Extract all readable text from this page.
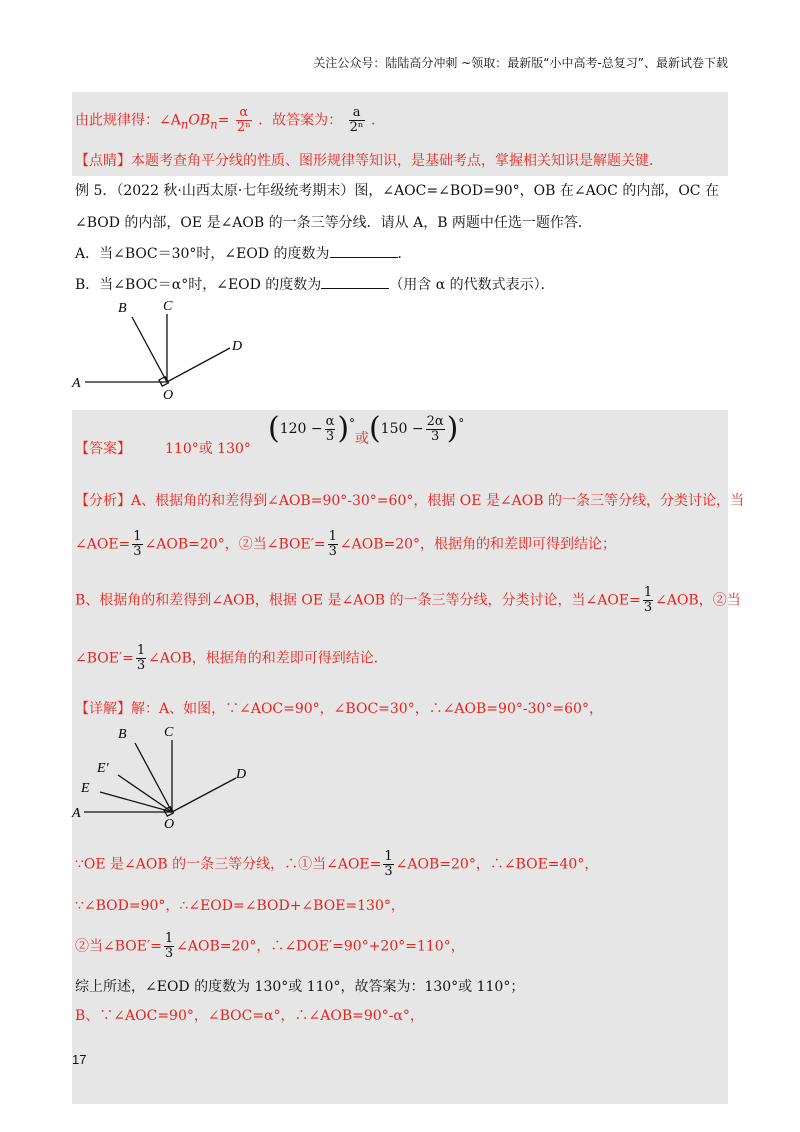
关注公众号：陆陆高分冲刺 ~领取：最新版“小中高考-总复习”、最新试卷下载
由此规律得：$\angle A_nOB_n= \frac{\alpha}{\text{2ⁿ}}$ ．故答案为： $\frac{a}{\text{2ⁿ}}$ .
【点睛】本题考查角平分线的性质、图形规律等知识，是基础考点，掌握相关知识是解题关键．
例 5．（2022 秋·山西太原·七年级统考期末）图，∠AOC=∠BOD=90°，OB 在∠AOC 的内部，OC 在
∠BOD 的内部，OE 是∠AOB 的一条三等分线．请从 A，B 两题中任选一题作答．
A．当∠BOC＝30°时，∠EOD 的度数为	．
B．当∠BOC＝α°时，∠EOD 的度数为	（用含 α 的代数式表示）．
B	C
D
A
O
【答案】 110°或 130°
$(120 - \frac{\alpha}{3} )^\circ$或$(150 - \frac{2\alpha}{3} )^\circ$
【分析】A、根据角的和差得到∠AOB=90°-30°=60°，根据 OE 是∠AOB 的一条三等分线，分类讨论，当
∠AOE= $\frac{1}{3}$ ∠AOB=20°，②当∠BOE′= $\frac{1}{3}$ ∠AOB=20°，根据角的和差即可得到结论；
B、根据角的和差得到∠AOB，根据 OE 是∠AOB 的一条三等分线，分类讨论，当∠AOE= $\frac{1}{3}$ ∠AOB，②当
∠BOE′= $\frac{1}{3}$ ∠AOB，根据角的和差即可得到结论．
【详解】解：A、如图，∵∠AOC=90°，∠BOC=30°，∴∠AOB=90°-30°=60°，
B	C
E′
E
D
A
O
∵OE 是∠AOB 的一条三等分线，∴①当∠AOE= $\frac{1}{3}$ ∠AOB=20°，∴∠BOE=40°，
∵∠BOD=90°，∴∠EOD=∠BOD+∠BOE=130°，
②当∠BOE′= $\frac{1}{3}$ ∠AOB=20°，∴∠DOE′=90°+20°=110°，
综上所述，∠EOD 的度数为 130°或 110°，故答案为：130°或 110°；
B、∵∠AOC=90°，∠BOC=α°，∴∠AOB=90°-α°，
17
